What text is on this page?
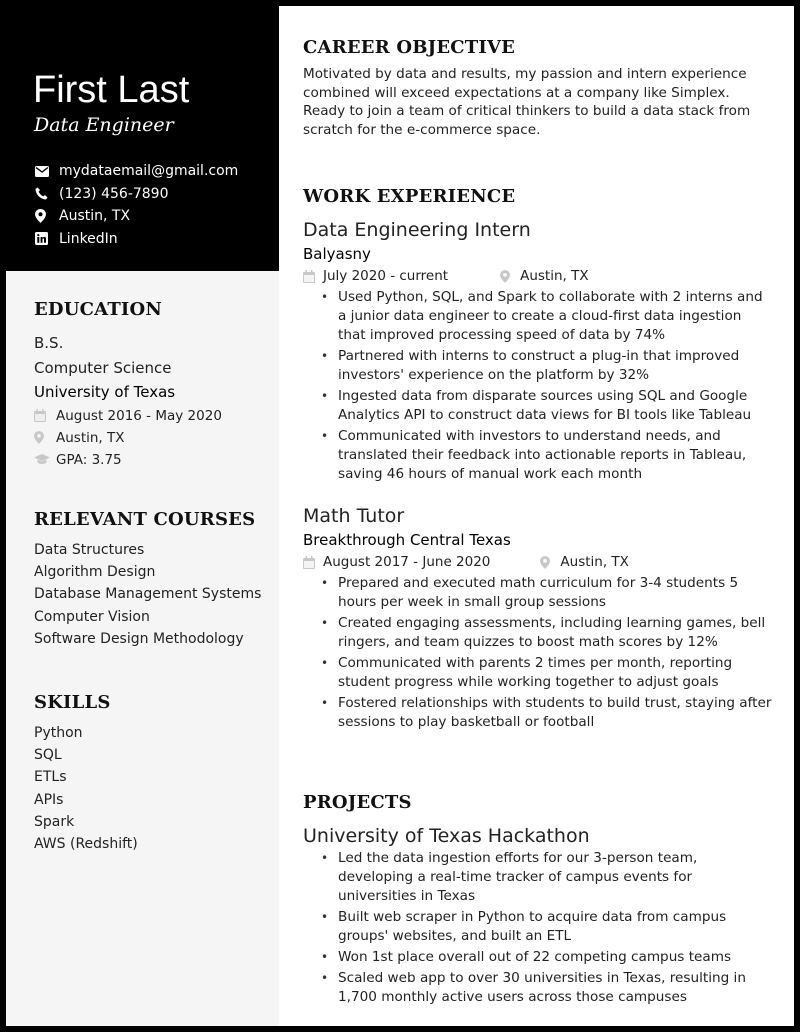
First Last
Data Engineer
mydataemail@gmail.com
(123) 456-7890
Austin, TX
LinkedIn
EDUCATION
B.S.
Computer Science
University of Texas
August 2016 - May 2020
Austin, TX
GPA: 3.75
RELEVANT COURSES
Data Structures
Algorithm Design
Database Management Systems
Computer Vision
Software Design Methodology
SKILLS
Python
SQL
ETLs
APIs
Spark
AWS (Redshift)
CAREER OBJECTIVE
Motivated by data and results, my passion and intern experience combined will exceed expectations at a company like Simplex. Ready to join a team of critical thinkers to build a data stack from scratch for the e-commerce space.
WORK EXPERIENCE
Data Engineering Intern
Balyasny
July 2020 - current	Austin, TX
• Used Python, SQL, and Spark to collaborate with 2 interns and a junior data engineer to create a cloud-first data ingestion that improved processing speed of data by 74%
• Partnered with interns to construct a plug-in that improved investors' experience on the platform by 32%
• Ingested data from disparate sources using SQL and Google Analytics API to construct data views for BI tools like Tableau
• Communicated with investors to understand needs, and translated their feedback into actionable reports in Tableau, saving 46 hours of manual work each month
Math Tutor
Breakthrough Central Texas
August 2017 - June 2020	Austin, TX
• Prepared and executed math curriculum for 3-4 students 5 hours per week in small group sessions
• Created engaging assessments, including learning games, bell ringers, and team quizzes to boost math scores by 12%
• Communicated with parents 2 times per month, reporting student progress while working together to adjust goals
• Fostered relationships with students to build trust, staying after sessions to play basketball or football
PROJECTS
University of Texas Hackathon
• Led the data ingestion efforts for our 3-person team, developing a real-time tracker of campus events for universities in Texas
• Built web scraper in Python to acquire data from campus groups' websites, and built an ETL
• Won 1st place overall out of 22 competing campus teams
• Scaled web app to over 30 universities in Texas, resulting in 1,700 monthly active users across those campuses
